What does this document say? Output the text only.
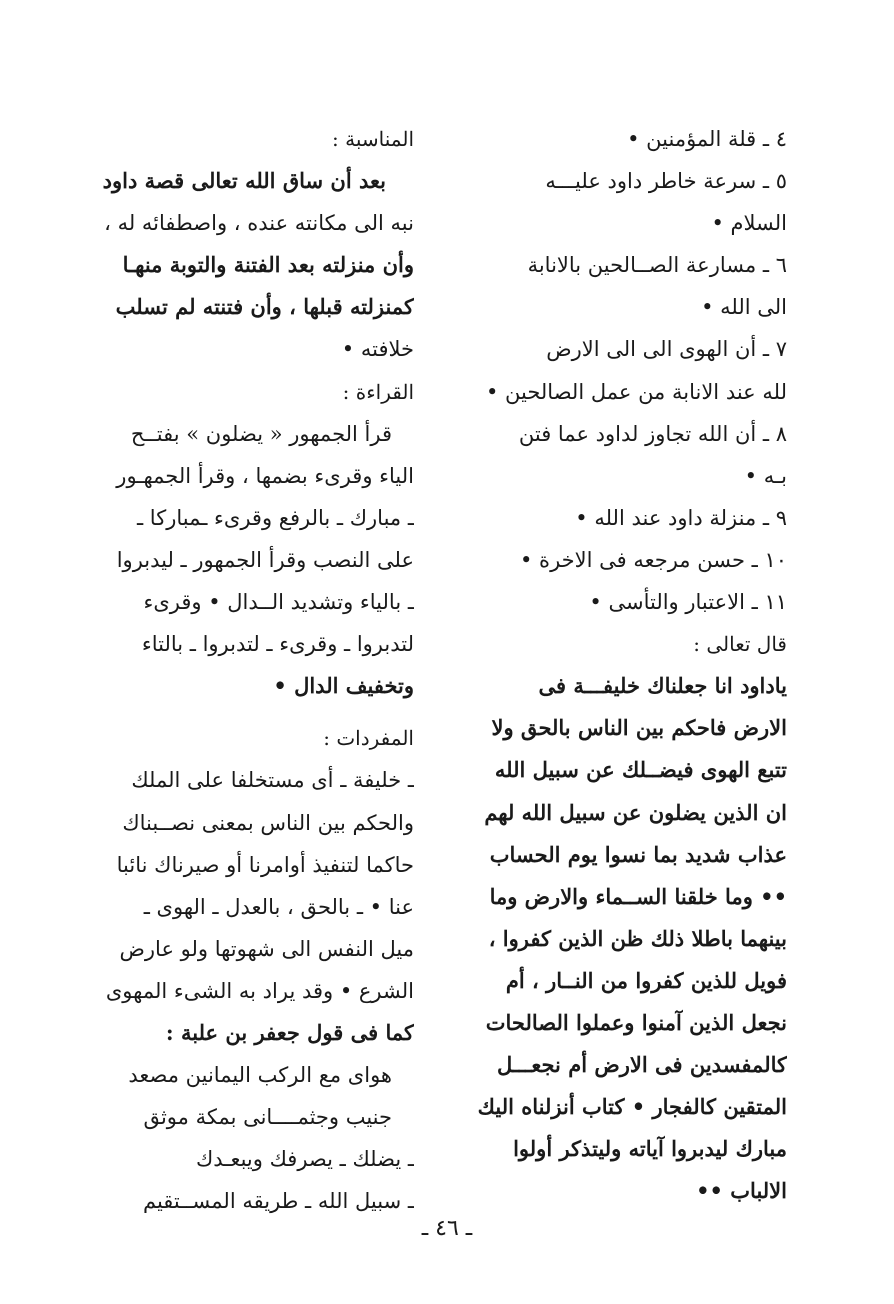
٤ ـ قلة المؤمنين •
٥ ـ سرعة خاطر داود عليـــه
السلام •
٦ ـ مسارعة الصــالحين بالانابة
الى الله •
٧ ـ أن الهوى الى الى الارض
لله عند الانابة من عمل الصالحين •
٨ ـ أن الله تجاوز لداود عما فتن
بـه •
٩ ـ منزلة داود عند الله •
١٠ ـ حسن مرجعه فى الاخرة •
١١ ـ الاعتبار والتأسى •
قال تعالى :
ياداود انا جعلناك خليفـــة فى
الارض فاحكم بين الناس بالحق ولا
تتبع الهوى فيضــلك عن سبيل الله
ان الذين يضلون عن سبيل الله لهم
عذاب شديد بما نسوا يوم الحساب
•• وما خلقنا الســماء والارض وما
بينهما باطلا ذلك ظن الذين كفروا ،
فويل للذين كفروا من النــار ، أم
نجعل الذين آمنوا وعملوا الصالحات
كالمفسدين فى الارض أم نجعـــل
المتقين كالفجار • كتاب أنزلناه اليك
مبارك ليدبروا آياته وليتذكر أولوا
الالباب ••
المناسبة :
بعد أن ساق الله تعالى قصة داود
نبه الى مكانته عنده ، واصطفائه له ،
وأن منزلته بعد الفتنة والتوبة منهـا
كمنزلته قبلها ، وأن فتنته لم تسلب
خلافته •
القراءة :
قرأ الجمهور « يضلون » بفتــح
الياء وقرىء بضمها ، وقرأ الجمهـور
ـ مبارك ـ بالرفع وقرىء ـمباركا ـ
على النصب وقرأ الجمهور ـ ليدبروا
ـ بالياء وتشديد الــدال • وقرىء
لتدبروا ـ وقرىء ـ لتدبروا ـ بالتاء
وتخفيف الدال •
المفردات :
ـ خليفة ـ أى مستخلفا على الملك
والحكم بين الناس بمعنى نصــبناك
حاكما لتنفيذ أوامرنا أو صيرناك نائبا
عنا • ـ بالحق ، بالعدل ـ الهوى ـ
ميل النفس الى شهوتها ولو عارض
الشرع • وقد يراد به الشىء المهوى
كما فى قول جعفر بن علبة :
هواى مع الركب اليمانين مصعد
جنيب وجثمــــانى بمكة موثق
ـ يضلك ـ يصرفك ويبعـدك
ـ سبيل الله ـ طريقه المســتقيم
ـ ٤٦ ـ
